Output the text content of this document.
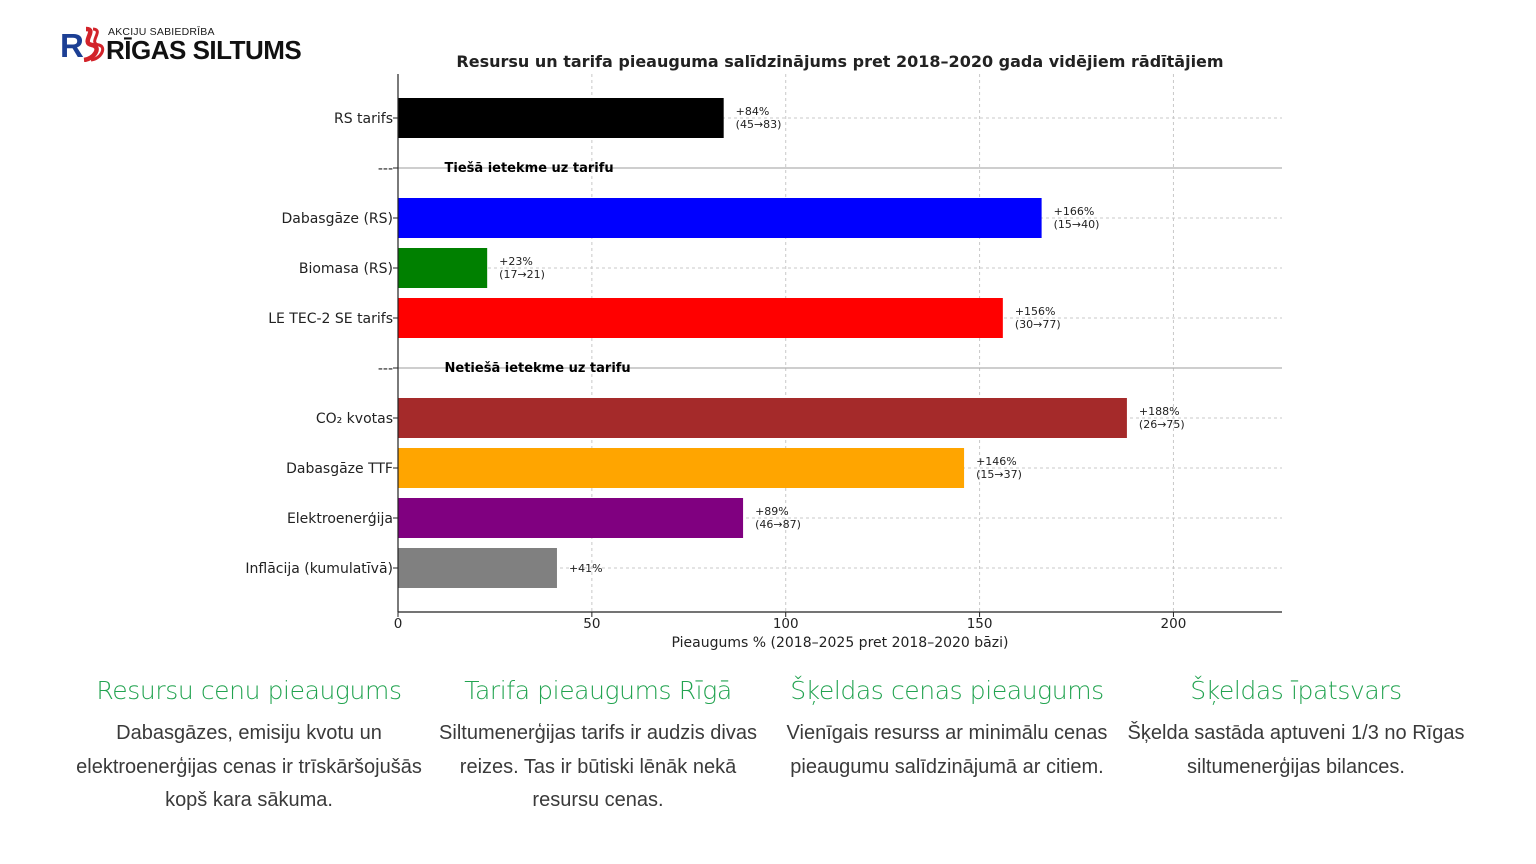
R AKCIJU SABIEDRĪBA
RĪGAS SILTUMS	Resursu un tarifa pieauguma salīdzinājums pret 2018–2020 gada vidējiem rādītājiem
+84%
(45→83)
Tiešā ietekme uz tarifu
+166%
(15→40)
+23%
(17→21)
+156%
(30→77)
Netiešā ietekme uz tarifu
+188%
(26→75)
+146%
(15→37)
+89%
(46→87)
+41%
0	50	100	150	200
RS tarifs
---
Dabasgāze (RS)
Biomasa (RS)
LE TEC-2 SE tarifs
---
CO₂ kvotas
Dabasgāze TTF
Elektroenerģija
Inflācija (kumulatīvā)
Pieaugums % (2018–2025 pret 2018–2020 bāzi)

Resursu cenu pieaugums

Dabasgāzes, emisiju kvotu un elektroenerģijas cenas ir trīskāršojušās kopš kara sākuma.

Tarifa pieaugums Rīgā

Siltumenerģijas tarifs ir audzis divas reizes. Tas ir būtiski lēnāk nekā resursu cenas.

Šķeldas cenas pieaugums

Vienīgais resurss ar minimālu cenas pieaugumu salīdzinājumā ar citiem.

Šķeldas īpatsvars

Šķelda sastāda aptuveni 1/3 no Rīgas siltumenerģijas bilances.
